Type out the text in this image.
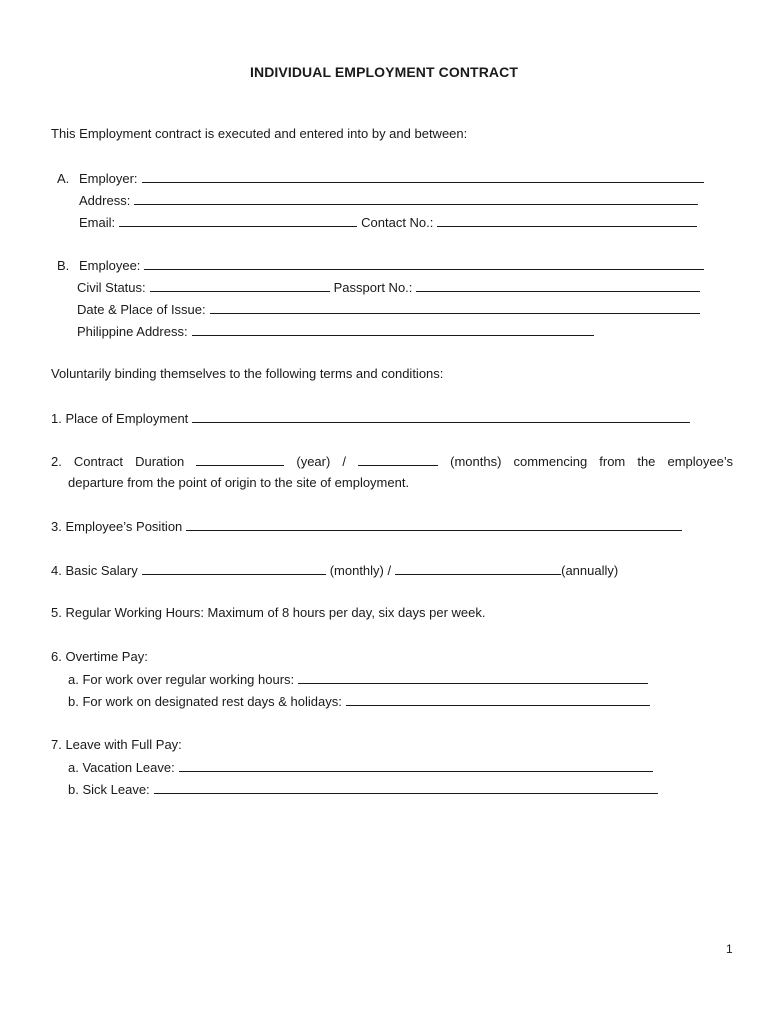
INDIVIDUAL EMPLOYMENT CONTRACT
This Employment contract is executed and entered into by and between:
A. Employer:
Address:
Email:	Contact No.:
B. Employee:
Civil Status:	Passport No.:
Date & Place of Issue:
Philippine Address:
Voluntarily binding themselves to the following terms and conditions:
1. Place of Employment
2. Contract Duration	(year) /	(months) commencing from the employee’s
departure from the point of origin to the site of employment.
3. Employee’s Position
4. Basic Salary	(monthly) /	(annually)
5. Regular Working Hours: Maximum of 8 hours per day, six days per week.
6. Overtime Pay:
a. For work over regular working hours:
b. For work on designated rest days & holidays:
7. Leave with Full Pay:
a. Vacation Leave:
b. Sick Leave:
1
